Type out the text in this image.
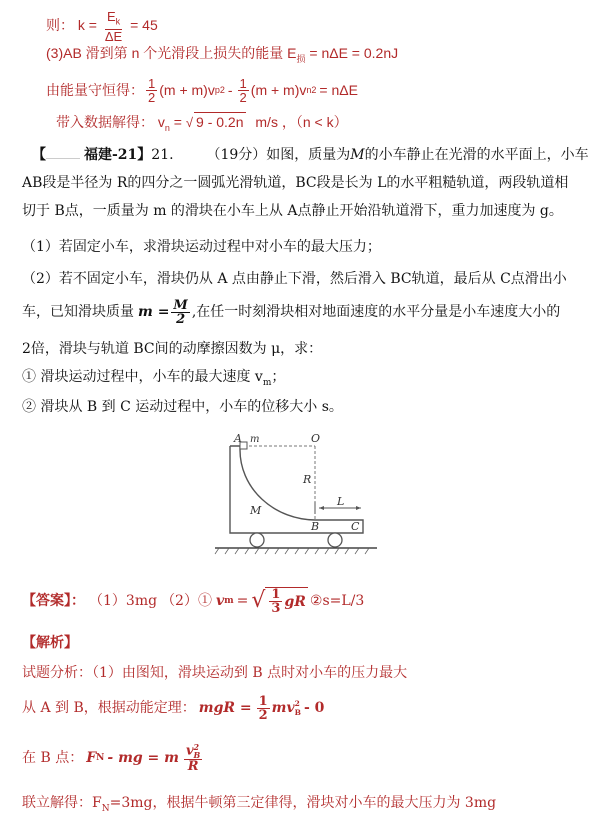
则： $k = \frac{E_k}{\Delta E} = 45$
(3)AB 滑到第 n 个光滑段上损失的能量 $E_损 = n\Delta E = 0.2nJ$
由能量守恒得： $\frac{1}{2} (m + m)v$ p $2 - \frac{1}{2} (m + m)v$ n 2 = nΔE
带入数据解得： $v_n$ = √ 9 - 0.2n m/s ，（n < k）
【	福建-21】21. （19分）如图，质量为M的小车静止在光滑的水平面上，小车
AB段是半径为 R的四分之一圆弧光滑轨道，BC段是长为 L的水平粗糙轨道，两段轨道相
切于 B点，一质量为 m 的滑块在小车上从 A点静止开始沿轨道滑下，重力加速度为 g。
（1）若固定小车，求滑块运动过程中对小车的最大压力；
（2）若不固定小车，滑块仍从 A 点由静止下滑，然后滑入 BC轨道，最后从 C点滑出小
车，已知滑块质量 $m = \frac{M}{2}$ ,在任一时刻滑块相对地面速度的水平分量是小车速度大小的
2倍，滑块与轨道 BC间的动摩擦因数为 μ，求：
① 滑块运动过程中，小车的最大速度 $v_m$；
② 滑块从 B 到 C 运动过程中，小车的位移大小 s。
A m	O
R
M
B	C
L
【答案】： （1）3mg （2）① v m = √ $\frac{1}{3}$ gR ②s=L/3
【解析】
试题分析：（1）由图知，滑块运动到 B 点时对小车的压力最大
从 A 到 B，根据动能定理： mgR = $\frac{1}{2}$ mv 2
B - 0
在 B 点： F N - mg = m v 2
B
R
联立解得：$F_N=3mg$，根据牛顿第三定律得，滑块对小车的最大压力为 3mg
